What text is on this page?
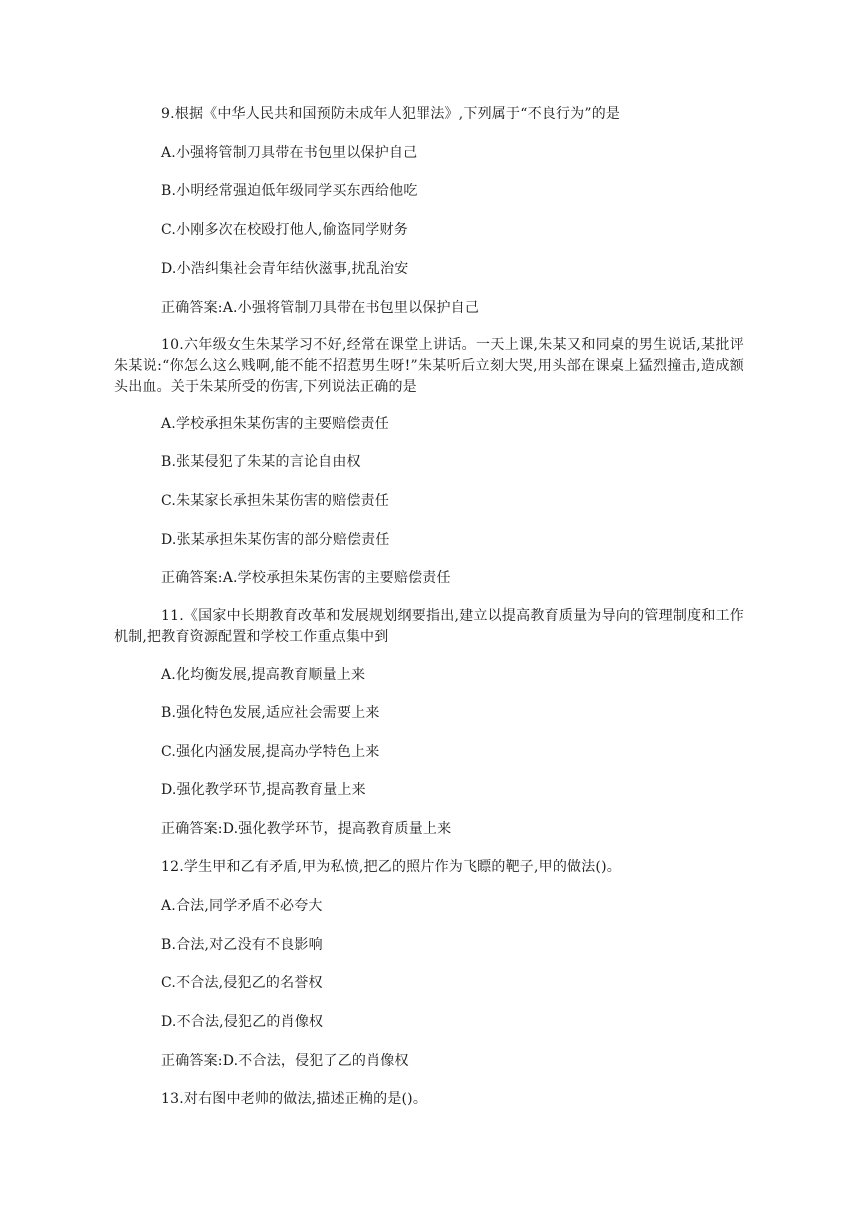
9.根据《中华人民共和国预防未成年人犯罪法》,下列属于“不良行为”的是
A.小强将管制刀具带在书包里以保护自己
B.小明经常强迫低年级同学买东西给他吃
C.小刚多次在校殴打他人,偷盗同学财务
D.小浩纠集社会青年结伙滋事,扰乱治安
正确答案:A.小强将管制刀具带在书包里以保护自己
10.六年级女生朱某学习不好,经常在课堂上讲话。一天上课,朱某又和同桌的男生说话,某批评朱某说:“你怎么这么贱啊,能不能不招惹男生呀!”朱某听后立刻大哭,用头部在课桌上猛烈撞击,造成额头出血。关于朱某所受的伤害,下列说法正确的是
A.学校承担朱某伤害的主要赔偿责任
B.张某侵犯了朱某的言论自由权
C.朱某家长承担朱某伤害的赔偿责任
D.张某承担朱某伤害的部分赔偿责任
正确答案:A.学校承担朱某伤害的主要赔偿责任
11.《国家中长期教育改革和发展规划纲要指出,建立以提高教育质量为导向的管理制度和工作机制,把教育资源配置和学校工作重点集中到
A.化均衡发展,提高教育顺量上来
B.强化特色发展,适应社会需要上来
C.强化内涵发展,提高办学特色上来
D.强化教学环节,提高教育量上来
正确答案:D.强化教学环节，提高教育质量上来
12.学生甲和乙有矛盾,甲为私愤,把乙的照片作为飞瞟的靶子,甲的做法()。
A.合法,同学矛盾不必夸大
B.合法,对乙没有不良影响
C.不合法,侵犯乙的名誉权
D.不合法,侵犯乙的肖像权
正确答案:D.不合法，侵犯了乙的肖像权
13.对右图中老帅的做法,描述正桷的是()。
